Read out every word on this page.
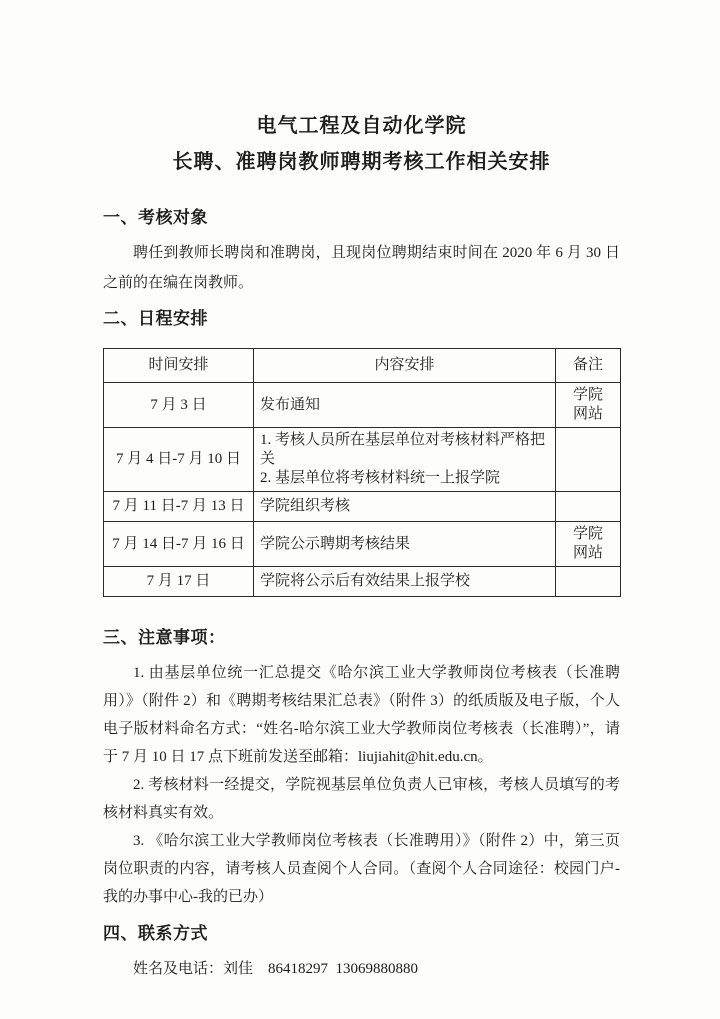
电气工程及自动化学院
长聘、准聘岗教师聘期考核工作相关安排
一、考核对象
聘任到教师长聘岗和准聘岗，且现岗位聘期结束时间在 2020 年 6 月 30 日之前的在编在岗教师。
二、日程安排
时间安排	内容安排	备注
7 月 3 日	发布通知	学院
网站

7 月 4 日-7 月 10 日	1. 考核人员所在基层单位对考核材料严格把关
2. 基层单位将考核材料统一上报学院	

7 月 11 日-7 月 13 日	学院组织考核	
7 月 14 日-7 月 16 日	学院公示聘期考核结果	学院
网站

7 月 17 日	学院将公示后有效结果上报学校	
三、注意事项：

1. 由基层单位统一汇总提交《哈尔滨工业大学教师岗位考核表（长准聘用）》（附件 2）和《聘期考核结果汇总表》（附件 3）的纸质版及电子版，个人电子版材料命名方式：“姓名-哈尔滨工业大学教师岗位考核表（长准聘）”，请于 7 月 10 日 17 点下班前发送至邮箱：liujiahit@hit.edu.cn。

2. 考核材料一经提交，学院视基层单位负责人已审核，考核人员填写的考核材料真实有效。

3. 《哈尔滨工业大学教师岗位考核表（长准聘用）》（附件 2）中，第三页岗位职责的内容，请考核人员查阅个人合同。（查阅个人合同途径：校园门户-我的办事中心-我的已办）

四、联系方式
姓名及电话：刘佳　86418297  13069880880
